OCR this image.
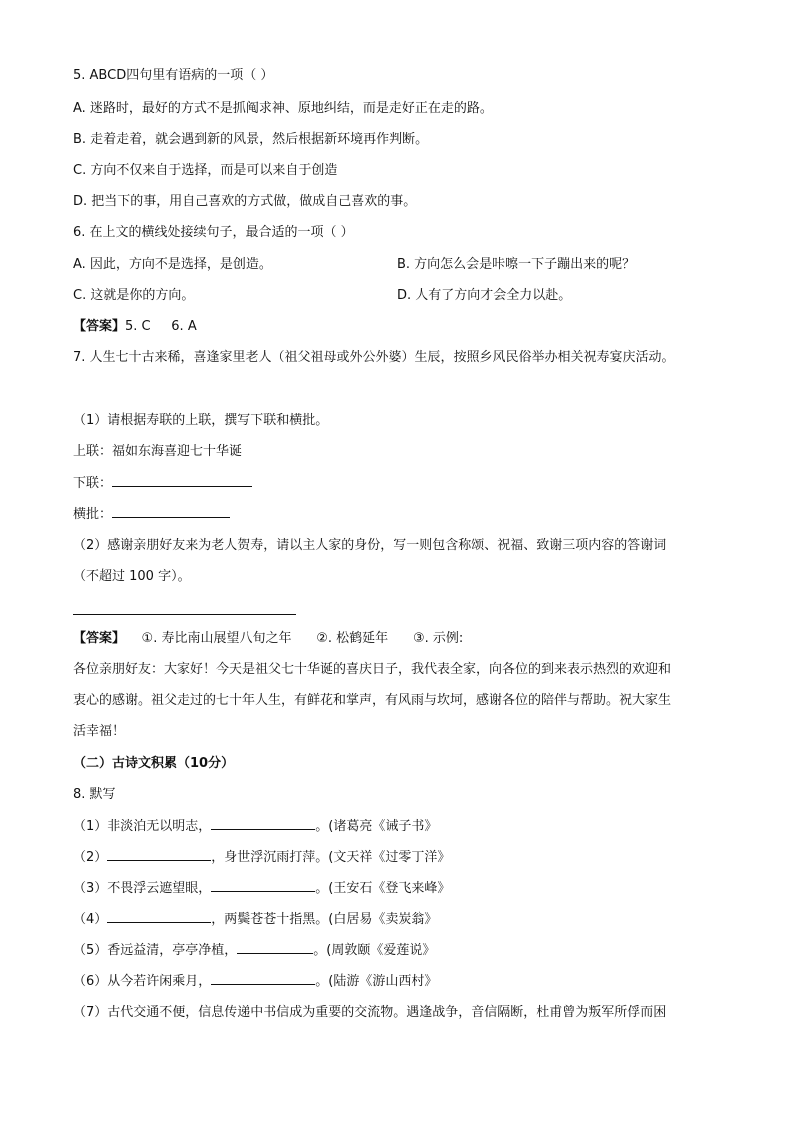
5. ABCD四句里有语病的一项（ ）
A. 迷路时，最好的方式不是抓阄求神、原地纠结，而是走好正在走的路。
B. 走着走着，就会遇到新的风景，然后根据新环境再作判断。
C. 方向不仅来自于选择，而是可以来自于创造
D. 把当下的事，用自己喜欢的方式做，做成自己喜欢的事。
6. 在上文的横线处接续句子，最合适的一项（ ）
A. 因此，方向不是选择，是创造。	B. 方向怎么会是咔嚓一下子蹦出来的呢？
C. 这就是你的方向。	D. 人有了方向才会全力以赴。
【答案】5. C     6. A
7. 人生七十古来稀，喜逢家里老人（祖父祖母或外公外婆）生辰，按照乡风民俗举办相关祝寿宴庆活动。
（1）请根据寿联的上联，撰写下联和横批。
上联：福如东海喜迎七十华诞
下联：
横批：
（2）感谢亲朋好友来为老人贺寿，请以主人家的身份，写一则包含称颂、祝福、致谢三项内容的答谢词
（不超过 100 字）。
【答案】    ①. 寿比南山展望八旬之年      ②. 松鹤延年      ③. 示例:
各位亲朋好友：大家好！今天是祖父七十华诞的喜庆日子，我代表全家，向各位的到来表示热烈的欢迎和
衷心的感谢。祖父走过的七十年人生，有鲜花和掌声，有风雨与坎坷，感谢各位的陪伴与帮助。祝大家生
活幸福！
（二）古诗文积累（10分）
8. 默写
（1）非淡泊无以明志，	。(诸葛亮《诫子书》
（2）	，身世浮沉雨打萍。(文天祥《过零丁洋》
（3）不畏浮云遮望眼，	。(王安石《登飞来峰》
（4）	，两鬓苍苍十指黑。(白居易《卖炭翁》
（5）香远益清，亭亭净植，	。(周敦颐《爱莲说》
（6）从今若许闲乘月，	。(陆游《游山西村》
（7）古代交通不便，信息传递中书信成为重要的交流物。遇逢战争，音信隔断，杜甫曾为叛军所俘而困
